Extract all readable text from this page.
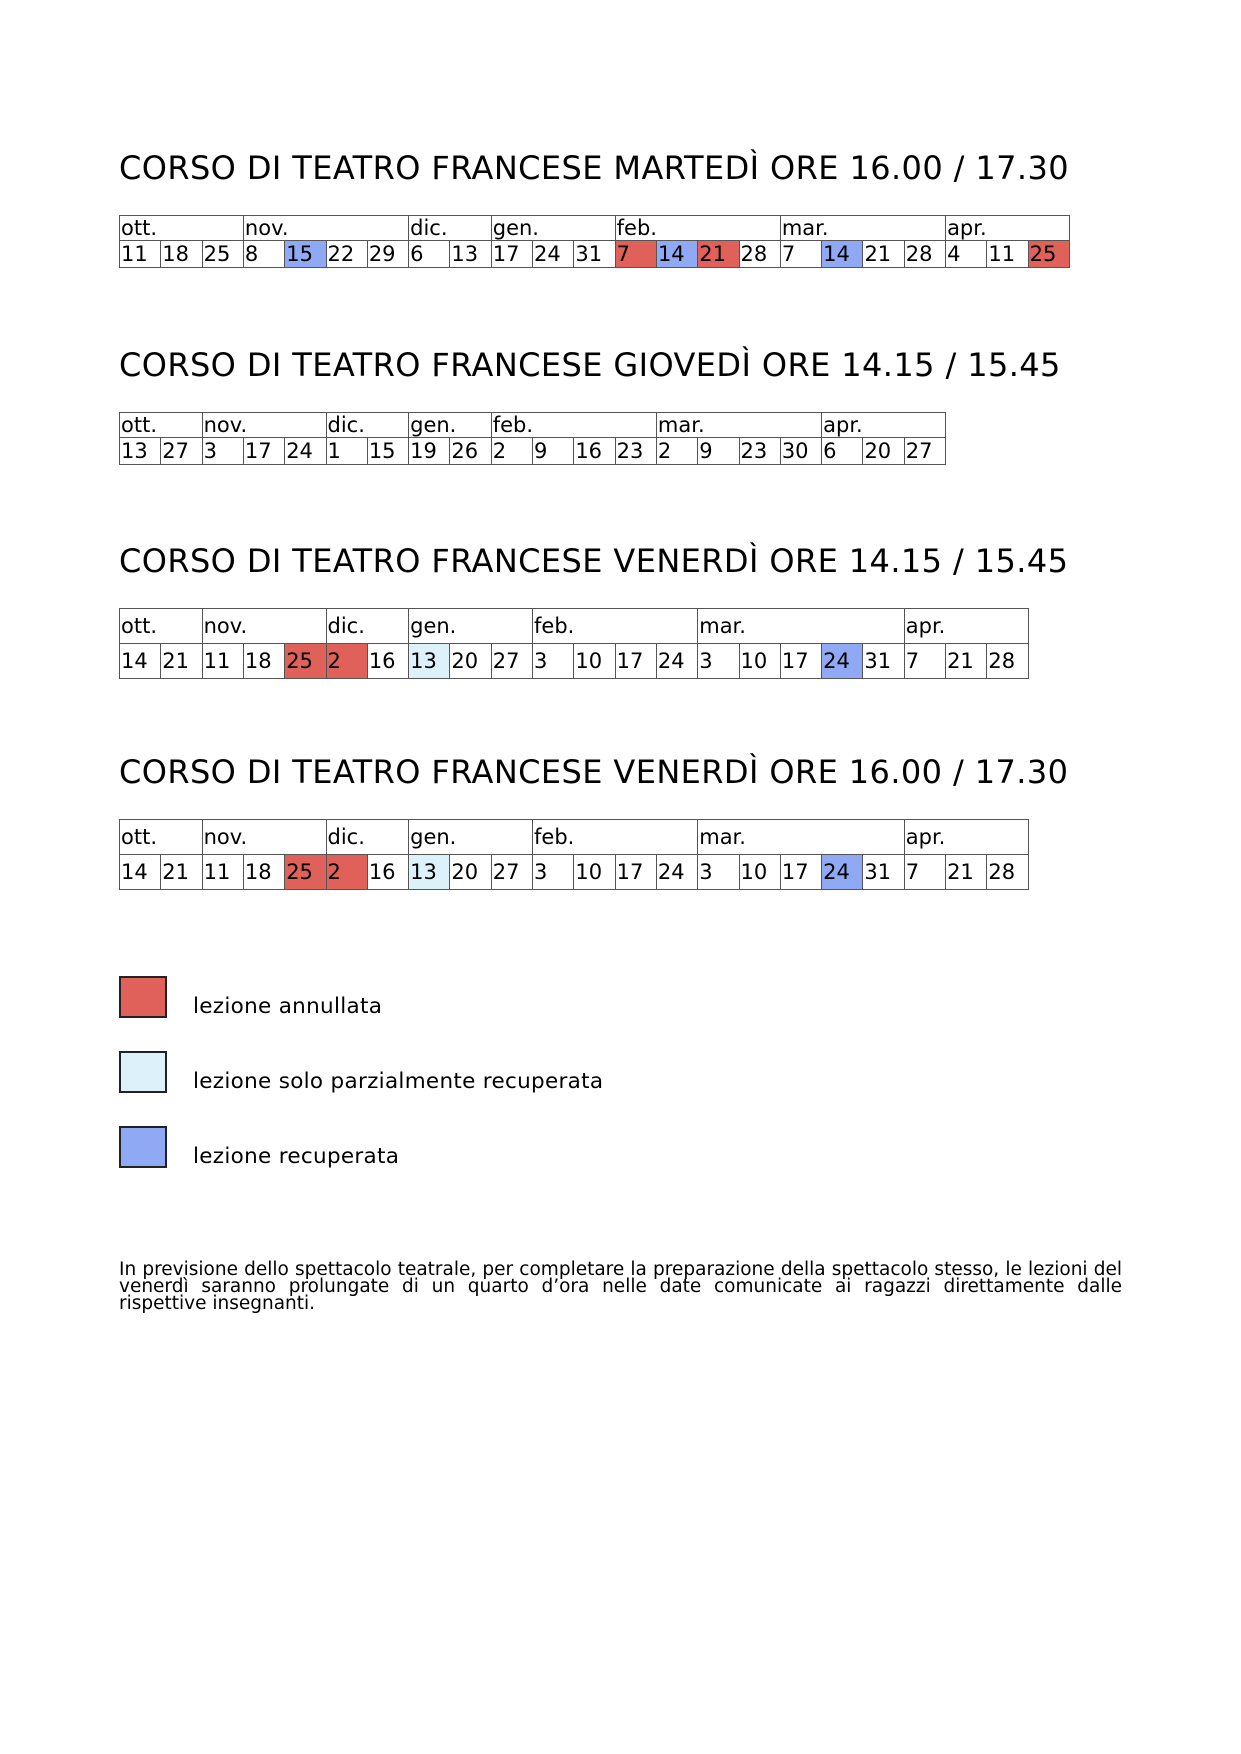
CORSO DI TEATRO FRANCESE MARTEDÌ ORE 16.00 / 17.30
ott.			nov.				dic.		gen.			feb.				mar.				apr.		
11	18	25	8	15	22	29	6	13	17	24	31	7	14	21	28	7	14	21	28	4	11	25
CORSO DI TEATRO FRANCESE GIOVEDÌ ORE 14.15 / 15.45
ott.		nov.			dic.		gen.		feb.				mar.				apr.		
13	27	3	17	24	1	15	19	26	2	9	16	23	2	9	23	30	6	20	27
CORSO DI TEATRO FRANCESE VENERDÌ ORE 14.15 / 15.45
ott.		nov.			dic.		gen.			feb.				mar.					apr.		
14	21	11	18	25	2	16	13	20	27	3	10	17	24	3	10	17	24	31	7	21	28
CORSO DI TEATRO FRANCESE VENERDÌ ORE 16.00 / 17.30
ott.		nov.			dic.		gen.			feb.				mar.					apr.		
14	21	11	18	25	2	16	13	20	27	3	10	17	24	3	10	17	24	31	7	21	28
lezione annullata
lezione solo parzialmente recuperata
lezione recuperata

In previsione dello spettacolo teatrale, per completare la preparazione della spettacolo stesso, le lezioni del venerdì saranno prolungate di un quarto d’ora nelle date comunicate ai ragazzi direttamente dalle rispettive insegnanti.
